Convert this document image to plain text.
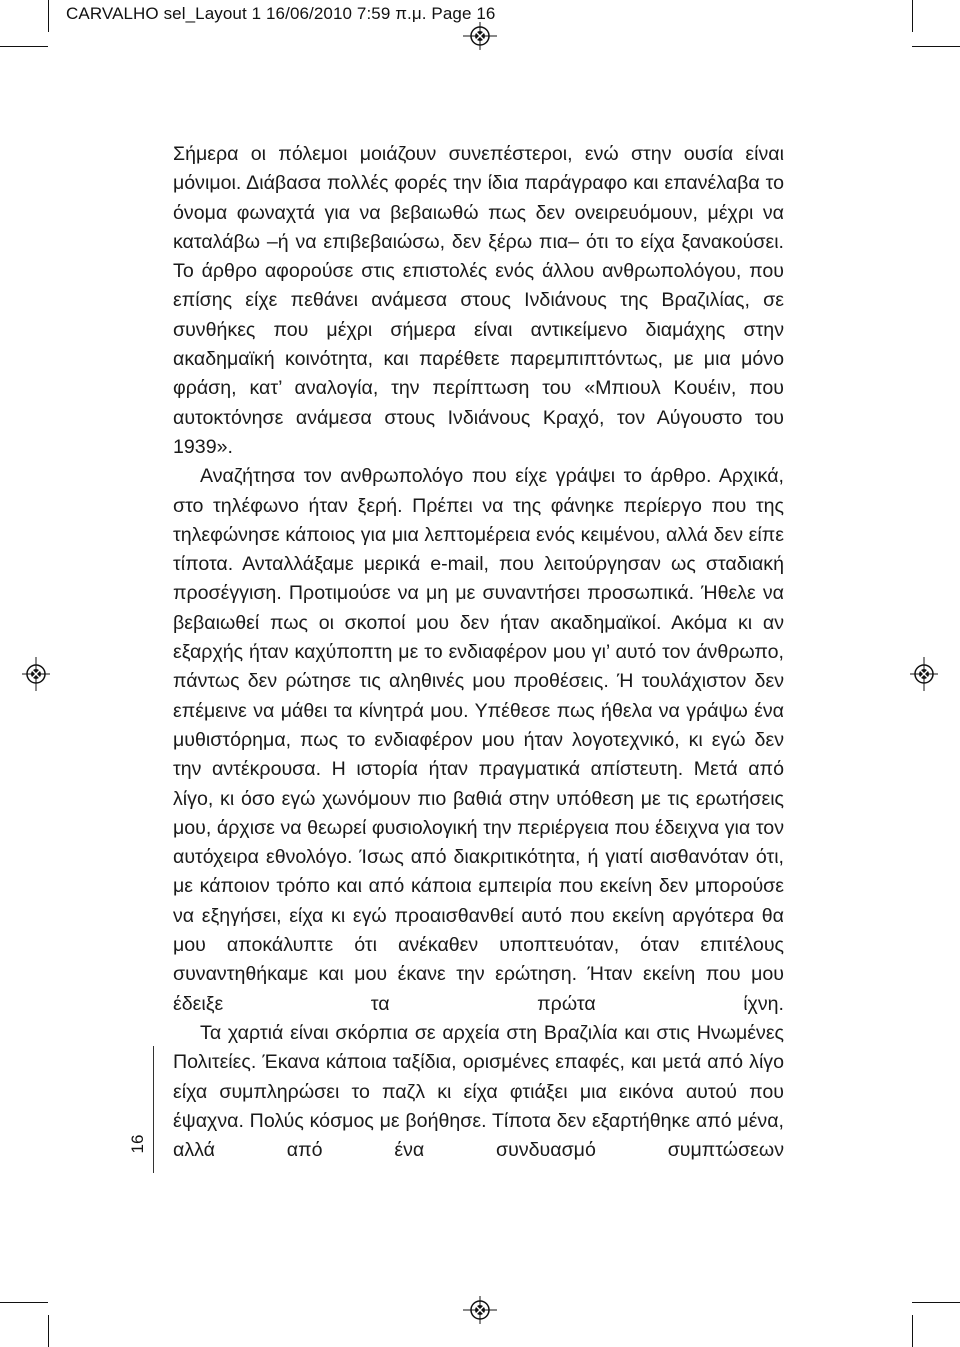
CARVALHO sel_Layout 1 16/06/2010 7:59 π.μ. Page 16

Σήμερα οι πόλεμοι μοιάζουν συνεπέστεροι, ενώ στην ουσία είναι μόνιμοι. Διάβασα πολλές φορές την ίδια παράγραφο και επανέλαβα το όνομα φωναχτά για να βεβαιωθώ πως δεν ονειρευόμουν, μέχρι να καταλάβω –ή να επιβεβαιώσω, δεν ξέρω πια– ότι το είχα ξανακούσει. Το άρθρο αφορούσε στις επιστολές ενός άλλου ανθρωπολόγου, που επίσης είχε πεθάνει ανάμεσα στους Ινδιάνους της Βραζιλίας, σε συνθήκες που μέχρι σήμερα είναι αντικείμενο διαμάχης στην ακαδημαϊκή κοινότητα, και παρέθετε παρεμπιπτόντως, με μια μόνο φράση, κατ’ αναλογία, την περίπτωση του «Μπιουλ Κουέιν, που αυτοκτόνησε ανάμεσα στους Ινδιάνους Κραχό, τον Αύγουστο του 1939».

Αναζήτησα τον ανθρωπολόγο που είχε γράψει το άρθρο. Αρχικά, στο τηλέφωνο ήταν ξερή. Πρέπει να της φάνηκε περίεργο που της τηλεφώνησε κάποιος για μια λεπτομέρεια ενός κειμένου, αλλά δεν είπε τίποτα. Ανταλλάξαμε μερικά e-mail, που λειτούργησαν ως σταδιακή προσέγγιση. Προτιμούσε να μη με συναντήσει προσωπικά. Ήθελε να βεβαιωθεί πως οι σκοποί μου δεν ήταν ακαδημαϊκοί. Ακόμα κι αν εξαρχής ήταν καχύποπτη με το ενδιαφέρον μου γι’ αυτό τον άνθρωπο, πάντως δεν ρώτησε τις αληθινές μου προθέσεις. Ή τουλάχιστον δεν επέμεινε να μάθει τα κίνητρά μου. Υπέθεσε πως ήθελα να γράψω ένα μυθιστόρημα, πως το ενδιαφέρον μου ήταν λογοτεχνικό, κι εγώ δεν την αντέκρουσα. Η ιστορία ήταν πραγματικά απίστευτη. Μετά από λίγο, κι όσο εγώ χωνόμουν πιο βαθιά στην υπόθεση με τις ερωτήσεις μου, άρχισε να θεωρεί φυσιολογική την περιέργεια που έδειχνα για τον αυτόχειρα εθνολόγο. Ίσως από διακριτικότητα, ή γιατί αισθανόταν ότι, με κάποιον τρόπο και από κάποια εμπειρία που εκείνη δεν μπορούσε να εξηγήσει, είχα κι εγώ προαισθανθεί αυτό που εκείνη αργότερα θα μου αποκάλυπτε ότι ανέκαθεν υποπτευόταν, όταν επιτέλους συναντηθήκαμε και μου έκανε την ερώτηση. Ήταν εκείνη που μου έδειξε τα πρώτα ίχνη.

Τα χαρτιά είναι σκόρπια σε αρχεία στη Βραζιλία και στις Ηνωμένες Πολιτείες. Έκανα κάποια ταξίδια, ορισμένες επαφές, και μετά από λίγο είχα συμπληρώσει το παζλ κι είχα φτιάξει μια εικόνα αυτού που έψαχνα. Πολύς κόσμος με βοήθησε. Τίποτα δεν εξαρτήθηκε από μένα, αλλά από ένα συνδυασμό συμπτώσεων

16
